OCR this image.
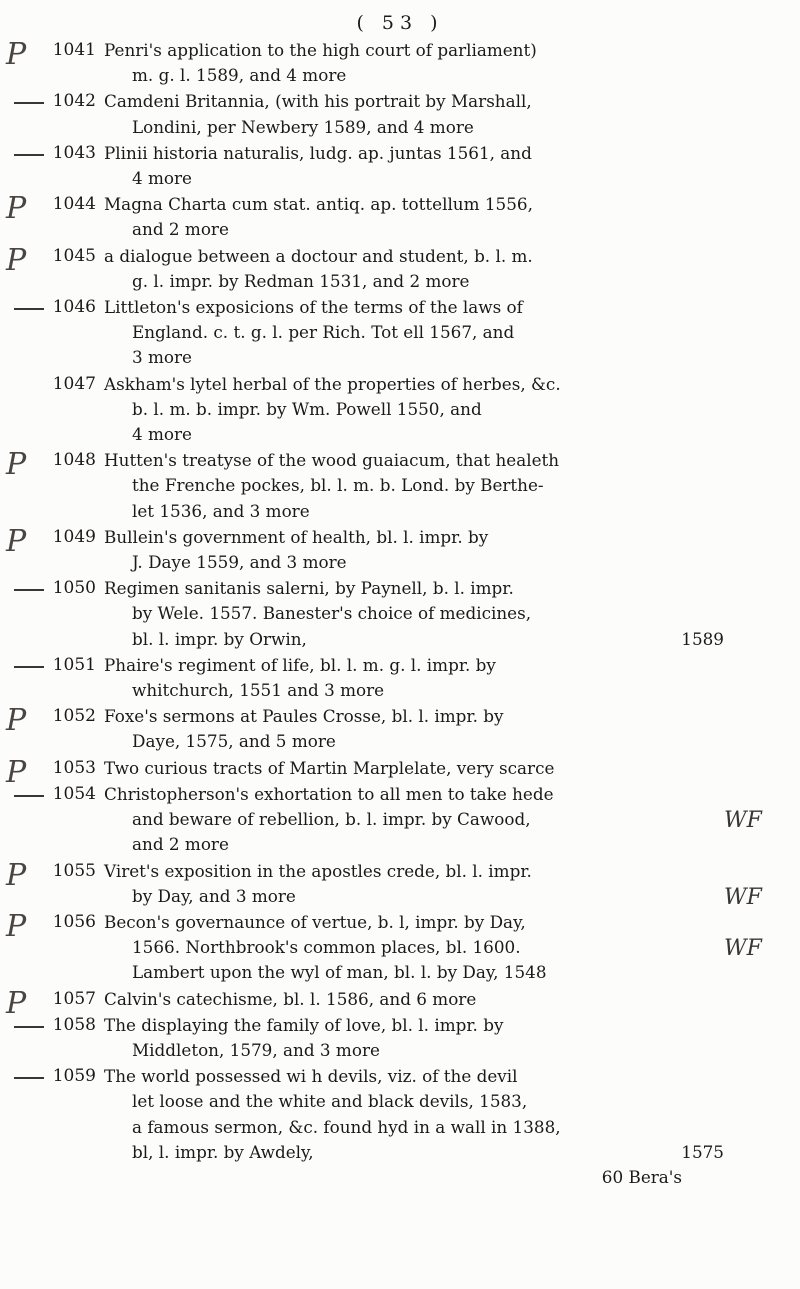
( 53 )
P 1041 Penri's application to the high court of parliament)
m. g. l. 1589, and 4 more
1042 Camdeni Britannia, (with his portrait by Marshall,
Londini, per Newbery 1589, and 4 more
1043 Plinii historia naturalis, ludg. ap. juntas 1561, and
4 more
P 1044 Magna Charta cum stat. antiq. ap. tottellum 1556,
and 2 more
P 1045 a dialogue between a doctour and student, b. l. m.
g. l. impr. by Redman 1531, and 2 more
1046 Littleton's exposicions of the terms of the laws of
England. c. t. g. l. per Rich. Tot ell 1567, and
3 more
1047 Askham's lytel herbal of the properties of herbes, &c.
b. l. m. b. impr. by Wm. Powell 1550, and
4 more
P 1048 Hutten's treatyse of the wood guaiacum, that healeth
the Frenche pockes, bl. l. m. b. Lond. by Berthe-
let 1536, and 3 more
P 1049 Bullein's government of health, bl. l. impr. by
J. Daye 1559, and 3 more
1050 Regimen sanitanis salerni, by Paynell, b. l. impr.
by Wele. 1557. Banester's choice of medicines,
1589
bl. l. impr. by Orwin,
1051 Phaire's regiment of life, bl. l. m. g. l. impr. by
whitchurch, 1551 and 3 more
P 1052 Foxe's sermons at Paules Crosse, bl. l. impr. by
Daye, 1575, and 5 more
P 1053 Two curious tracts of Martin Marplelate, very scarce
1054 Christopherson's exhortation to all men to take hede
and beware of rebellion, b. l. impr. by Cawood,
and 2 more
WF
P 1055 Viret's exposition in the apostles crede, bl. l. impr.
by Day, and 3 more	WF
P 1056 Becon's governaunce of vertue, b. l, impr. by Day,
1566. Northbrook's common places, bl. 1600.
Lambert upon the wyl of man, bl. l. by Day, 1548
WF
P 1057 Calvin's catechisme, bl. l. 1586, and 6 more
1058 The displaying the family of love, bl. l. impr. by
Middleton, 1579, and 3 more
1059 The world possessed wi h devils, viz. of the devil
let loose and the white and black devils, 1583,
a famous sermon, &c. found hyd in a wall in 1388,
1575
bl, l. impr. by Awdely,
60 Bera's
